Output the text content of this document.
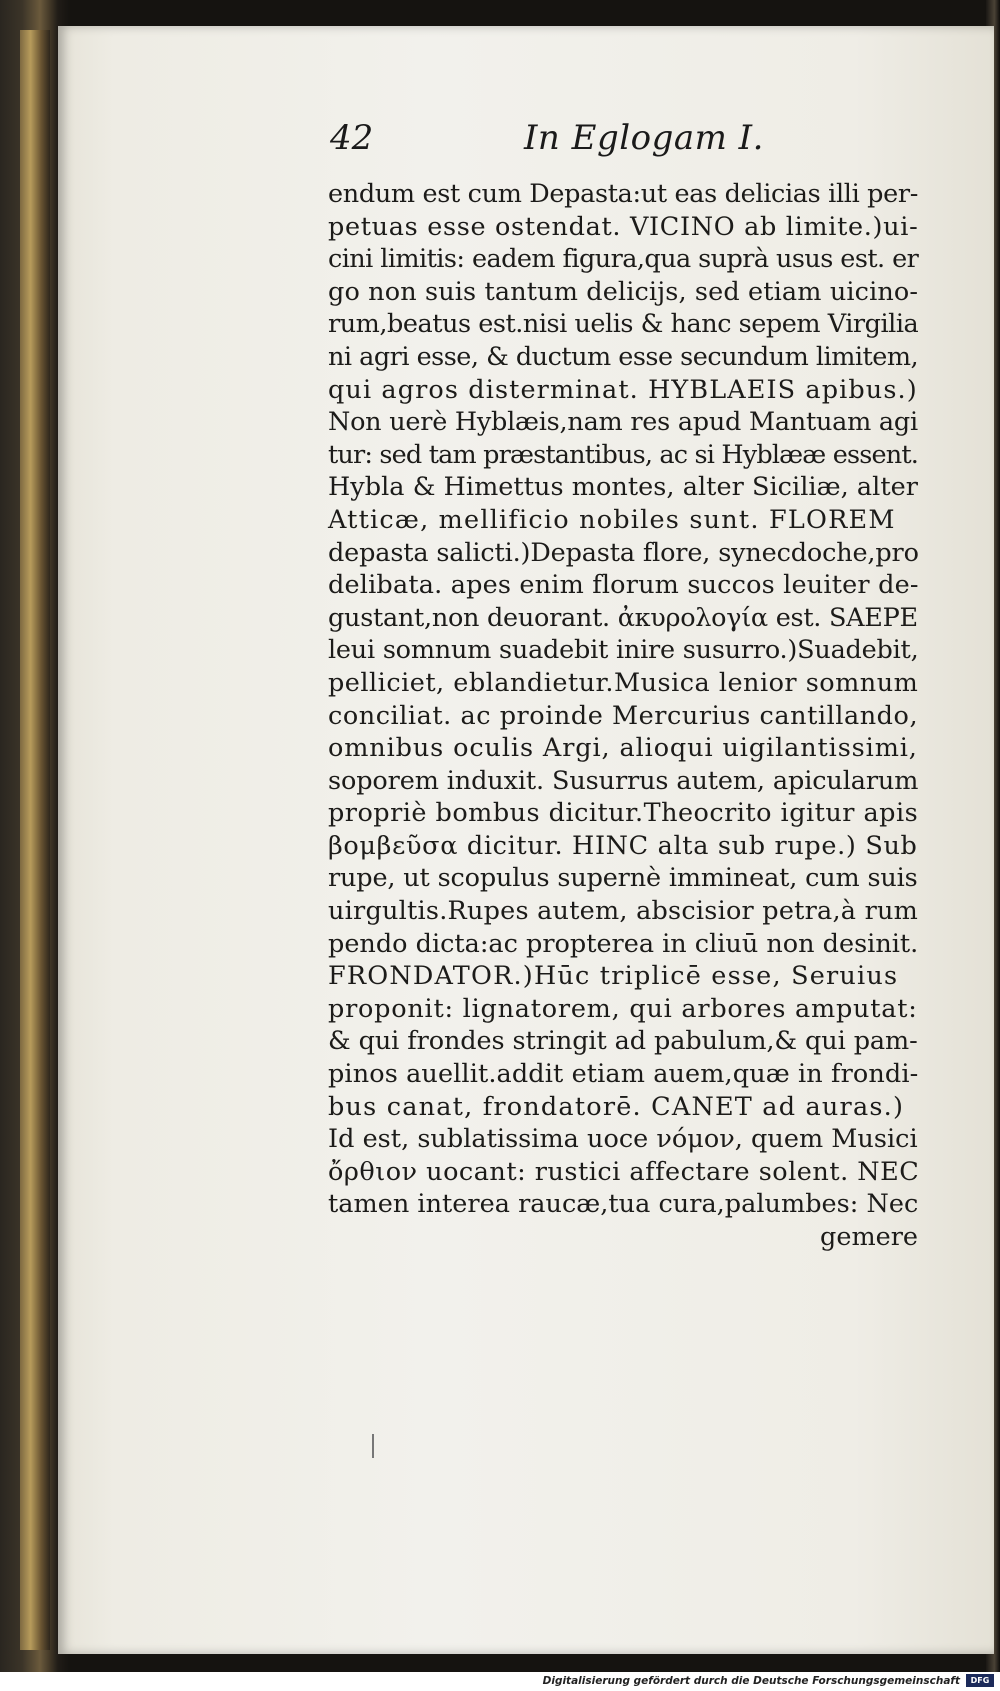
42	In Eglogam I.
endum est cum Depasta:ut eas delicias illi per-
petuas esse ostendat. VICINO ab limite.)ui-
cini limitis: eadem figura,qua suprà usus est. er
go non suis tantum delicijs, sed etiam uicino-
rum,beatus est.nisi uelis & hanc sepem Virgilia
ni agri esse, & ductum esse secundum limitem,
qui agros disterminat. HYBLAEIS apibus.)
Non uerè Hyblæis,nam res apud Mantuam agi
tur: sed tam præstantibus, ac si Hyblææ essent.
Hybla & Himettus montes, alter Siciliæ, alter
Atticæ, mellificio nobiles sunt. FLOREM
depasta salicti.)Depasta flore, synecdoche,pro
delibata. apes enim florum succos leuiter de-
gustant,non deuorant. ἀκυρολογία est. SAEPE
leui somnum suadebit inire susurro.)Suadebit,
pelliciet, eblandietur.Musica lenior somnum
conciliat. ac proinde Mercurius cantillando,
omnibus oculis Argi, alioqui uigilantissimi,
soporem induxit. Susurrus autem, apicularum
propriè bombus dicitur.Theocrito igitur apis
βομβεῦσα dicitur. HINC alta sub rupe.) Sub
rupe, ut scopulus supernè immineat, cum suis
uirgultis.Rupes autem, abscisior petra,à rum
pendo dicta:ac propterea in cliuū non desinit.
FRONDATOR.)Hūc triplicē esse, Seruius
proponit: lignatorem, qui arbores amputat:
& qui frondes stringit ad pabulum,& qui pam-
pinos auellit.addit etiam auem,quæ in frondi-
bus canat, frondatorē. CANET ad auras.)
Id est, sublatissima uoce νόμον, quem Musici
ὄρθιον uocant: rustici affectare solent. NEC
tamen interea raucæ,tua cura,palumbes: Nec
gemere
Digitalisierung gefördert durch die Deutsche Forschungsgemeinschaft	DFG
